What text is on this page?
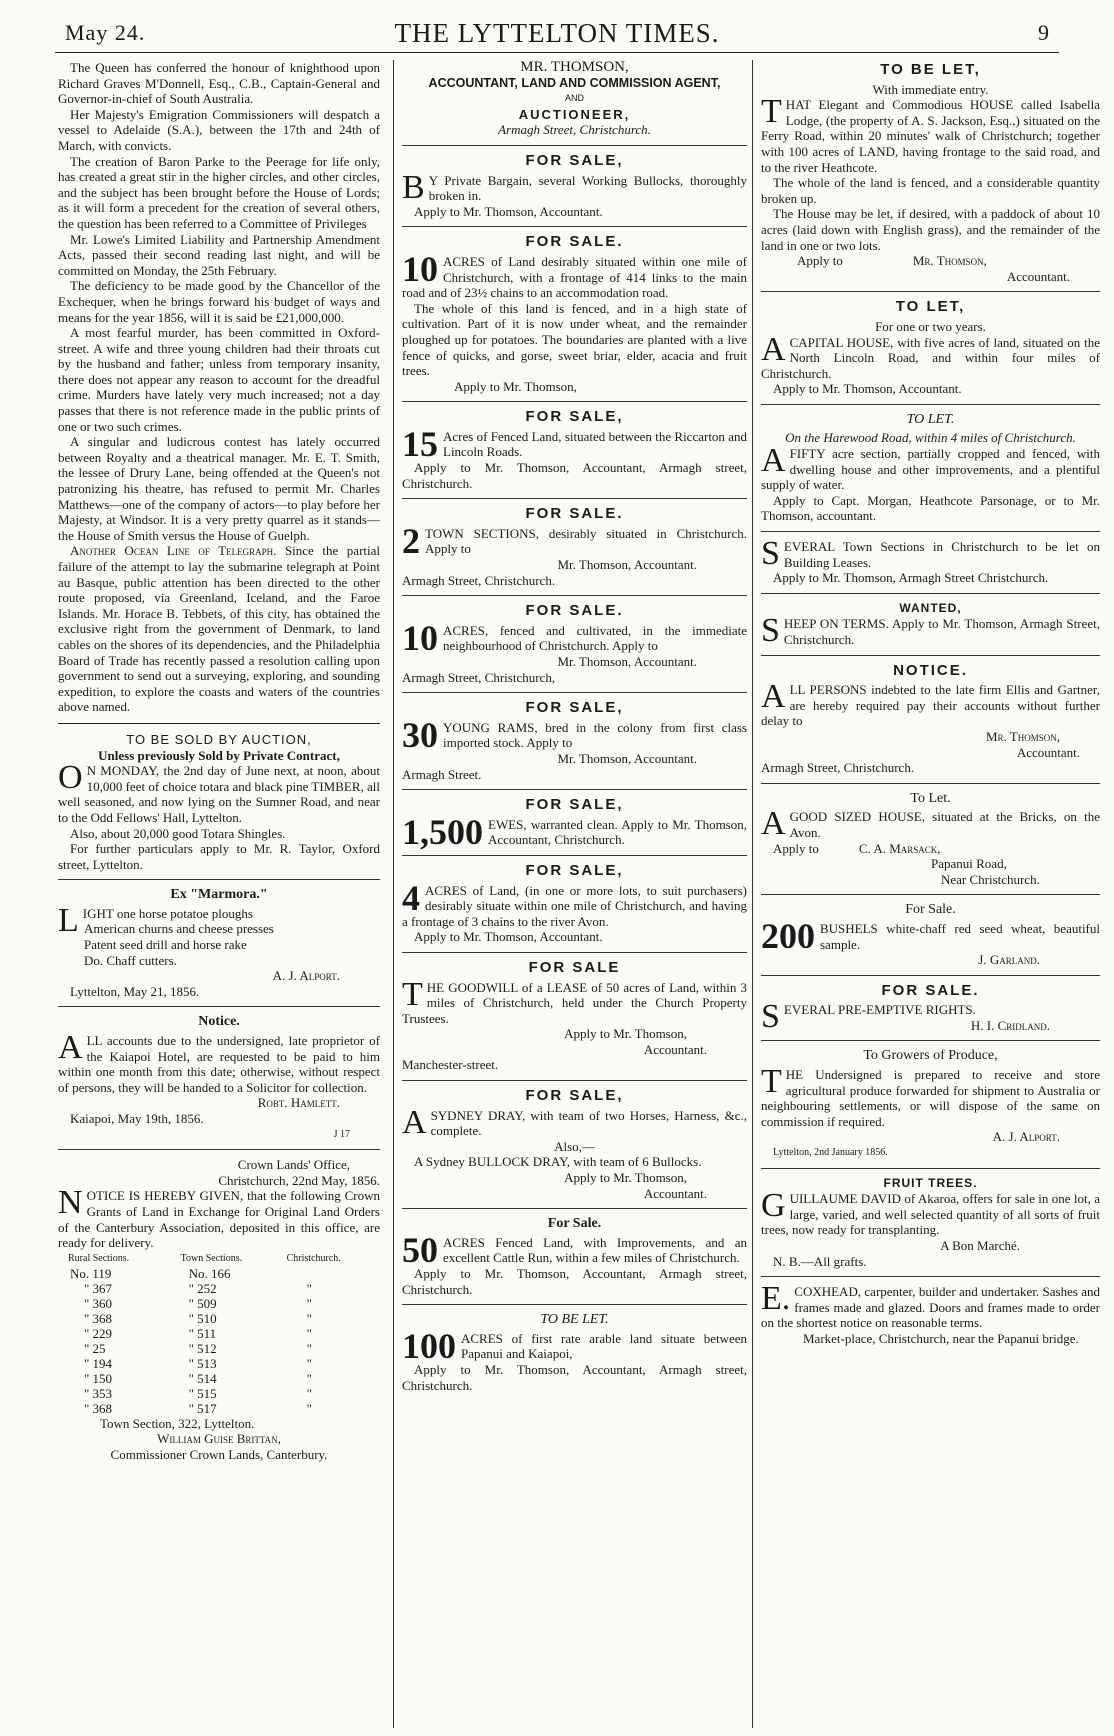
May 24.	THE LYTTELTON TIMES.	9

The Queen has conferred the honour of knighthood upon Richard Graves M'Donnell, Esq., C.B., Captain-General and Governor-in-chief of South Australia.

Her Majesty's Emigration Commissioners will despatch a vessel to Adelaide (S.A.), between the 17th and 24th of March, with convicts.

The creation of Baron Parke to the Peerage for life only, has created a great stir in the higher circles, and other circles, and the subject has been brought before the House of Lords; as it will form a precedent for the creation of several others, the question has been referred to a Committee of Privileges

Mr. Lowe's Limited Liability and Partnership Amendment Acts, passed their second reading last night, and will be committed on Monday, the 25th February.

The deficiency to be made good by the Chancellor of the Exchequer, when he brings forward his budget of ways and means for the year 1856, will it is said be £21,000,000.

A most fearful murder, has been committed in Oxford-street. A wife and three young children had their throats cut by the husband and father; unless from temporary insanity, there does not appear any reason to account for the dreadful crime. Murders have lately very much increased; not a day passes that there is not reference made in the public prints of one or two such crimes.

A singular and ludicrous contest has lately occurred between Royalty and a theatrical manager. Mr. E. T. Smith, the lessee of Drury Lane, being offended at the Queen's not patronizing his theatre, has refused to permit Mr. Charles Matthews—one of the company of actors—to play before her Majesty, at Windsor. It is a very pretty quarrel as it stands—the House of Smith versus the House of Guelph.

Another Ocean Line of Telegraph. Since the partial failure of the attempt to lay the submarine telegraph at Point au Basque, public attention has been directed to the other route proposed, via Greenland, Iceland, and the Faroe Islands. Mr. Horace B. Tebbets, of this city, has obtained the exclusive right from the government of Denmark, to land cables on the shores of its dependencies, and the Philadelphia Board of Trade has recently passed a resolution calling upon government to send out a surveying, exploring, and sounding expedition, to explore the coasts and waters of the countries above named.

TO BE SOLD BY AUCTION,

Unless previously Sold by Private Contract,

O N MONDAY, the 2nd day of June next, at noon, about 10,000 feet of choice totara and black pine TIMBER, all well seasoned, and now lying on the Sumner Road, and near to the Odd Fellows' Hall, Lyttelton.

Also, about 20,000 good Totara Shingles.

For further particulars apply to Mr. R. Taylor, Oxford street, Lyttelton.

Ex "Marmora."

L IGHT one horse potatoe ploughs
American churns and cheese presses
Patent seed drill and horse rake
Do. Chaff cutters.

A. J. Alport.

Lyttelton, May 21, 1856.

Notice.

ALL accounts due to the undersigned, late proprietor of the Kaiapoi Hotel, are requested to be paid to him within one month from this date; otherwise, without respect of persons, they will be handed to a Solicitor for collection.

Robt. Hamlett.

Kaiapoi, May 19th, 1856.

J 17

Crown Lands' Office,

Christchurch, 22nd May, 1856.

NOTICE IS HEREBY GIVEN, that the following Crown Grants of Land in Exchange for Original Land Orders of the Canterbury Association, deposited in this office, are ready for delivery.

Rural Sections.	Town Sections.	Christchurch.
No. 119	No. 166	
" 367	" 252	"
" 360	" 509	"
" 368	" 510	"
" 229	" 511	"
" 25	" 512	"
" 194	" 513	"
" 150	" 514	"
" 353	" 515	"
" 368	" 517	"

Town Section, 322, Lyttelton.

William Guise Brittan,

Commissioner Crown Lands, Canterbury.

MR. THOMSON,

ACCOUNTANT, LAND AND COMMISSION AGENT,

AND

AUCTIONEER,

Armagh Street, Christchurch.

FOR SALE,

B Y Private Bargain, several Working Bullocks, thoroughly broken in.

Apply to Mr. Thomson, Accountant.

FOR SALE.

10 ACRES of Land desirably situated within one mile of Christchurch, with a frontage of 414 links to the main road and of 23½ chains to an accommodation road.

The whole of this land is fenced, and in a high state of cultivation. Part of it is now under wheat, and the remainder ploughed up for potatoes. The boundaries are planted with a live fence of quicks, and gorse, sweet briar, elder, acacia and fruit trees.

Apply to Mr. Thomson,

FOR SALE,

15 Acres of Fenced Land, situated between the Riccarton and Lincoln Roads.

Apply to Mr. Thomson, Accountant, Armagh street, Christchurch.

FOR SALE.

2 TOWN SECTIONS, desirably situated in Christchurch. Apply to

Mr. Thomson, Accountant.

Armagh Street, Christchurch.

FOR SALE.

10 ACRES, fenced and cultivated, in the immediate neighbourhood of Christchurch. Apply to

Mr. Thomson, Accountant.

Armagh Street, Christchurch,

FOR SALE,

30 YOUNG RAMS, bred in the colony from first class imported stock. Apply to

Mr. Thomson, Accountant.

Armagh Street.

FOR SALE,

1,500 EWES, warranted clean. Apply to Mr. Thomson, Accountant, Christchurch.

FOR SALE,

4 ACRES of Land, (in one or more lots, to suit purchasers) desirably situate within one mile of Christchurch, and having a frontage of 3 chains to the river Avon.

Apply to Mr. Thomson, Accountant.

FOR SALE

THE GOODWILL of a LEASE of 50 acres of Land, within 3 miles of Christchurch, held under the Church Property Trustees.

Apply to Mr. Thomson,

Accountant.

Manchester-street.

FOR SALE,

ASYDNEY DRAY, with team of two Horses, Harness, &c., complete.

Also,—

A Sydney BULLOCK DRAY, with team of 6 Bullocks.

Apply to Mr. Thomson,

Accountant.

For Sale.

50 ACRES Fenced Land, with Improvements, and an excellent Cattle Run, within a few miles of Christchurch.

Apply to Mr. Thomson, Accountant, Armagh street, Christchurch.

TO BE LET.

100 ACRES of first rate arable land situate between Papanui and Kaiapoi,

Apply to Mr. Thomson, Accountant, Armagh street, Christchurch.

TO BE LET,

With immediate entry.

THAT Elegant and Commodious HOUSE called Isabella Lodge, (the property of A. S. Jackson, Esq.,) situated on the Ferry Road, within 20 minutes' walk of Christchurch; together with 100 acres of LAND, having frontage to the said road, and to the river Heathcote.

The whole of the land is fenced, and a considerable quantity broken up.

The House may be let, if desired, with a paddock of about 10 acres (laid down with English grass), and the remainder of the land in one or two lots.

Apply to	Mr. Thomson,

Accountant.

TO LET,

For one or two years.

ACAPITAL HOUSE, with five acres of land, situated on the North Lincoln Road, and within four miles of Christchurch.

Apply to Mr. Thomson, Accountant.

TO LET.

On the Harewood Road, within 4 miles of Christchurch.

AFIFTY acre section, partially cropped and fenced, with dwelling house and other improvements, and a plentiful supply of water.

Apply to Capt. Morgan, Heathcote Parsonage, or to Mr. Thomson, accountant.

SEVERAL Town Sections in Christchurch to be let on Building Leases.

Apply to Mr. Thomson, Armagh Street Christchurch.

WANTED,

SHEEP ON TERMS. Apply to Mr. Thomson, Armagh Street, Christchurch.

NOTICE.

ALL PERSONS indebted to the late firm Ellis and Gartner, are hereby required pay their accounts without further delay to

Mr. Thomson,

Accountant.

Armagh Street, Christchurch.

To Let.

AGOOD SIZED HOUSE, situated at the Bricks, on the Avon.

Apply to	C. A. Marsack,

Papanui Road,

Near Christchurch.

For Sale.

200 BUSHELS white-chaff red seed wheat, beautiful sample.

J. Garland.

FOR SALE.

SEVERAL PRE-EMPTIVE RIGHTS.

H. I. Cridland.

To Growers of Produce,

THE Undersigned is prepared to receive and store agricultural produce forwarded for shipment to Australia or neighbouring settlements, or will dispose of the same on commission if required.

A. J. Alport.

Lyttelton, 2nd January 1856.

FRUIT TREES.

GUILLAUME DAVID of Akaroa, offers for sale in one lot, a large, varied, and well selected quantity of all sorts of fruit trees, now ready for transplanting.

A Bon Marché.

N. B.—All grafts.

E. COXHEAD, carpenter, builder and undertaker. Sashes and frames made and glazed. Doors and frames made to order on the shortest notice on reasonable terms.

Market-place, Christchurch, near the Papanui bridge.
